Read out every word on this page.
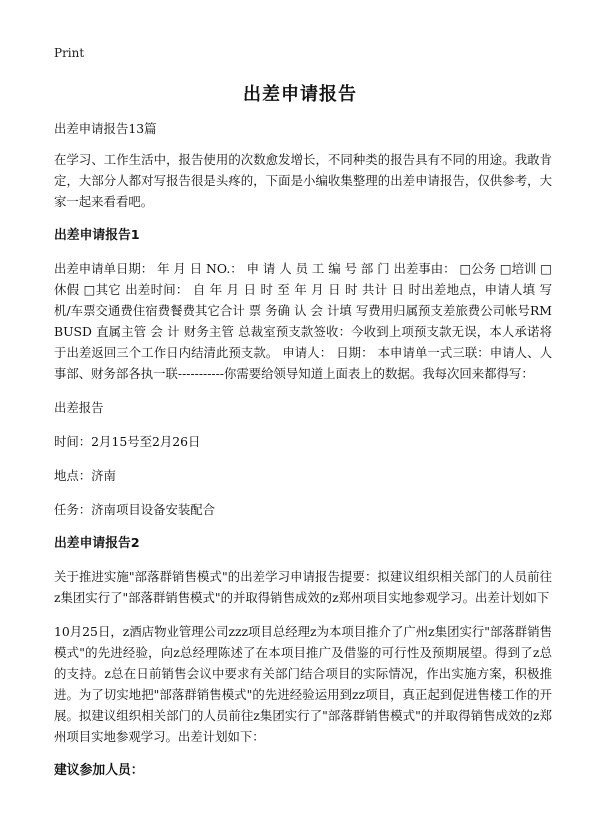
Print
出差申请报告

出差申请报告13篇

在学习、工作生活中，报告使用的次数愈发增长，不同种类的报告具有不同的用途。我敢肯定，大部分人都对写报告很是头疼的，下面是小编收集整理的出差申请报告，仅供参考，大家一起来看看吧。

出差申请报告1

出差申请单日期： 年 月 日 NO.： 申 请 人 员 工 编 号 部 门 出差事由： □公务 □培训 □休假 □其它 出差时间： 自 年 月 日 时 至 年 月 日 时 共计 日 时出差地点，申请人填 写机/车票交通费住宿费餐费其它合计 票 务确 认 会 计填 写费用归属预支差旅费公司帐号RMBUSD 直属主管 会 计 财务主管 总裁室预支款签收：今收到上项预支款无误，本人承诺将于出差返回三个工作日内结清此预支款。 申请人： 日期： 本申请单一式三联：申请人、人事部、财务部各执一联-----------你需要给领导知道上面表上的数据。我每次回来都得写：

出差报告

时间：2月15号至2月26日

地点：济南

任务：济南项目设备安装配合

出差申请报告2

关于推进实施"部落群销售模式"的出差学习申请报告提要：拟建议组织相关部门的人员前往z集团实行了"部落群销售模式"的并取得销售成效的z郑州项目实地参观学习。出差计划如下

10月25日，z酒店物业管理公司zzz项目总经理z为本项目推介了广州z集团实行"部落群销售模式"的先进经验，向z总经理陈述了在本项目推广及借鉴的可行性及预期展望。得到了z总的支持。z总在日前销售会议中要求有关部门结合项目的实际情况，作出实施方案，积极推进。为了切实地把"部落群销售模式"的先进经验运用到zz项目，真正起到促进售楼工作的开展。拟建议组织相关部门的人员前往z集团实行了"部落群销售模式"的并取得销售成效的z郑州项目实地参观学习。出差计划如下：

建议参加人员：
